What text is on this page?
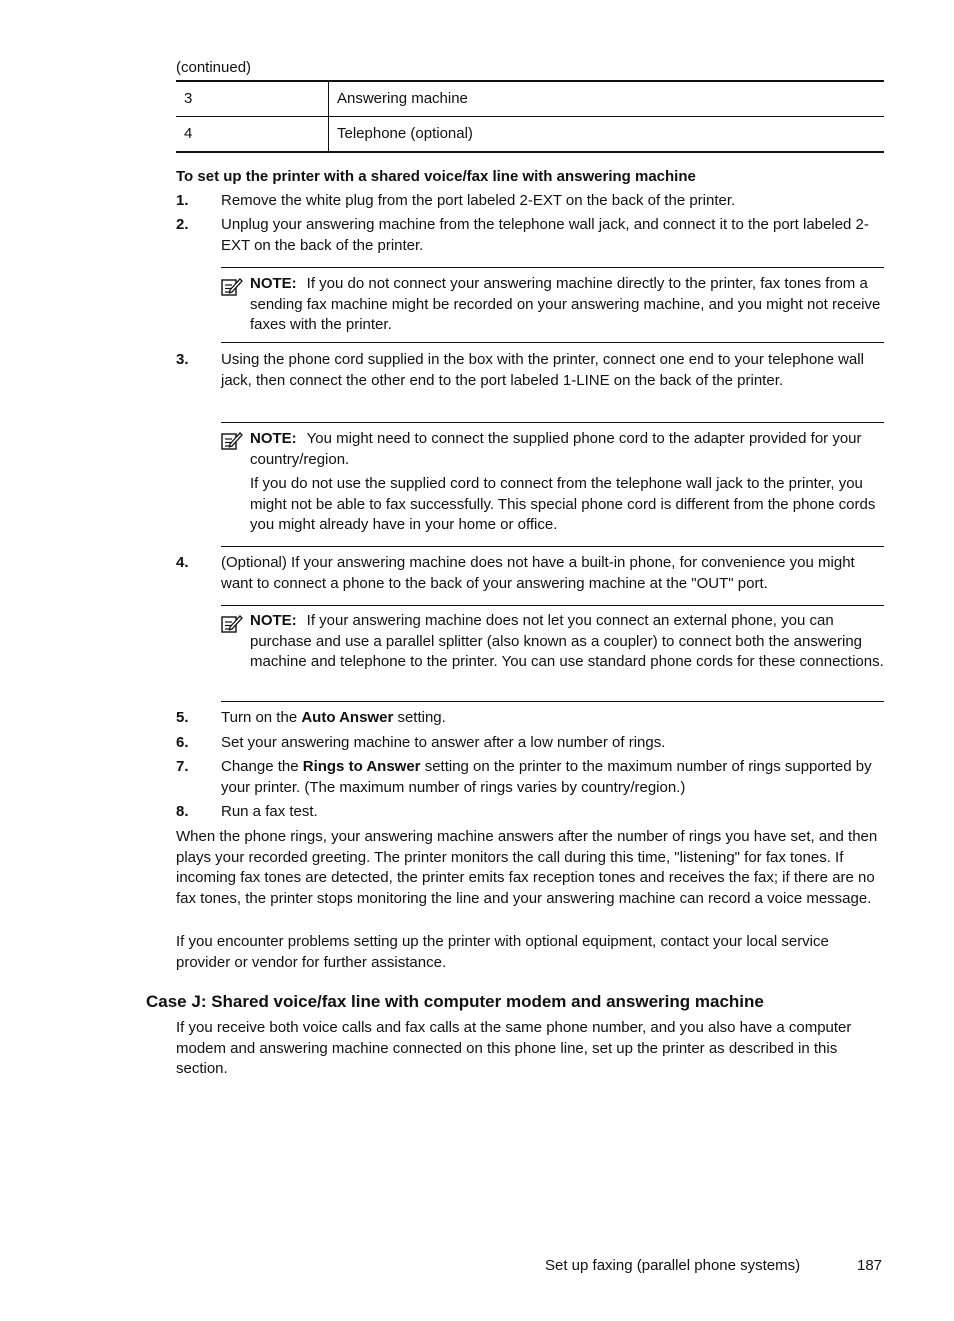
(continued)
3	Answering machine
4	Telephone (optional)
To set up the printer with a shared voice/fax line with answering machine
1. Remove the white plug from the port labeled 2-EXT on the back of the printer.
2. Unplug your answering machine from the telephone wall jack, and connect it to the port labeled 2-EXT on the back of the printer.

NOTE: If you do not connect your answering machine directly to the printer, fax tones from a sending fax machine might be recorded on your answering machine, and you might not receive faxes with the printer.

3. Using the phone cord supplied in the box with the printer, connect one end to your telephone wall jack, then connect the other end to the port labeled 1-LINE on the back of the printer.

NOTE: You might need to connect the supplied phone cord to the adapter provided for your country/region.

If you do not use the supplied cord to connect from the telephone wall jack to the printer, you might not be able to fax successfully. This special phone cord is different from the phone cords you might already have in your home or office.

4. (Optional) If your answering machine does not have a built-in phone, for convenience you might want to connect a phone to the back of your answering machine at the "OUT" port.

NOTE: If your answering machine does not let you connect an external phone, you can purchase and use a parallel splitter (also known as a coupler) to connect both the answering machine and telephone to the printer. You can use standard phone cords for these connections.

5. Turn on the Auto Answer setting.
6. Set your answering machine to answer after a low number of rings.
7. Change the Rings to Answer setting on the printer to the maximum number of rings supported by your printer. (The maximum number of rings varies by country/region.)
8. Run a fax test.
When the phone rings, your answering machine answers after the number of rings you have set, and then plays your recorded greeting. The printer monitors the call during this time, "listening" for fax tones. If incoming fax tones are detected, the printer emits fax reception tones and receives the fax; if there are no fax tones, the printer stops monitoring the line and your answering machine can record a voice message.
If you encounter problems setting up the printer with optional equipment, contact your local service provider or vendor for further assistance.
Case J: Shared voice/fax line with computer modem and answering machine
If you receive both voice calls and fax calls at the same phone number, and you also have a computer modem and answering machine connected on this phone line, set up the printer as described in this section.
Set up faxing (parallel phone systems)	187
